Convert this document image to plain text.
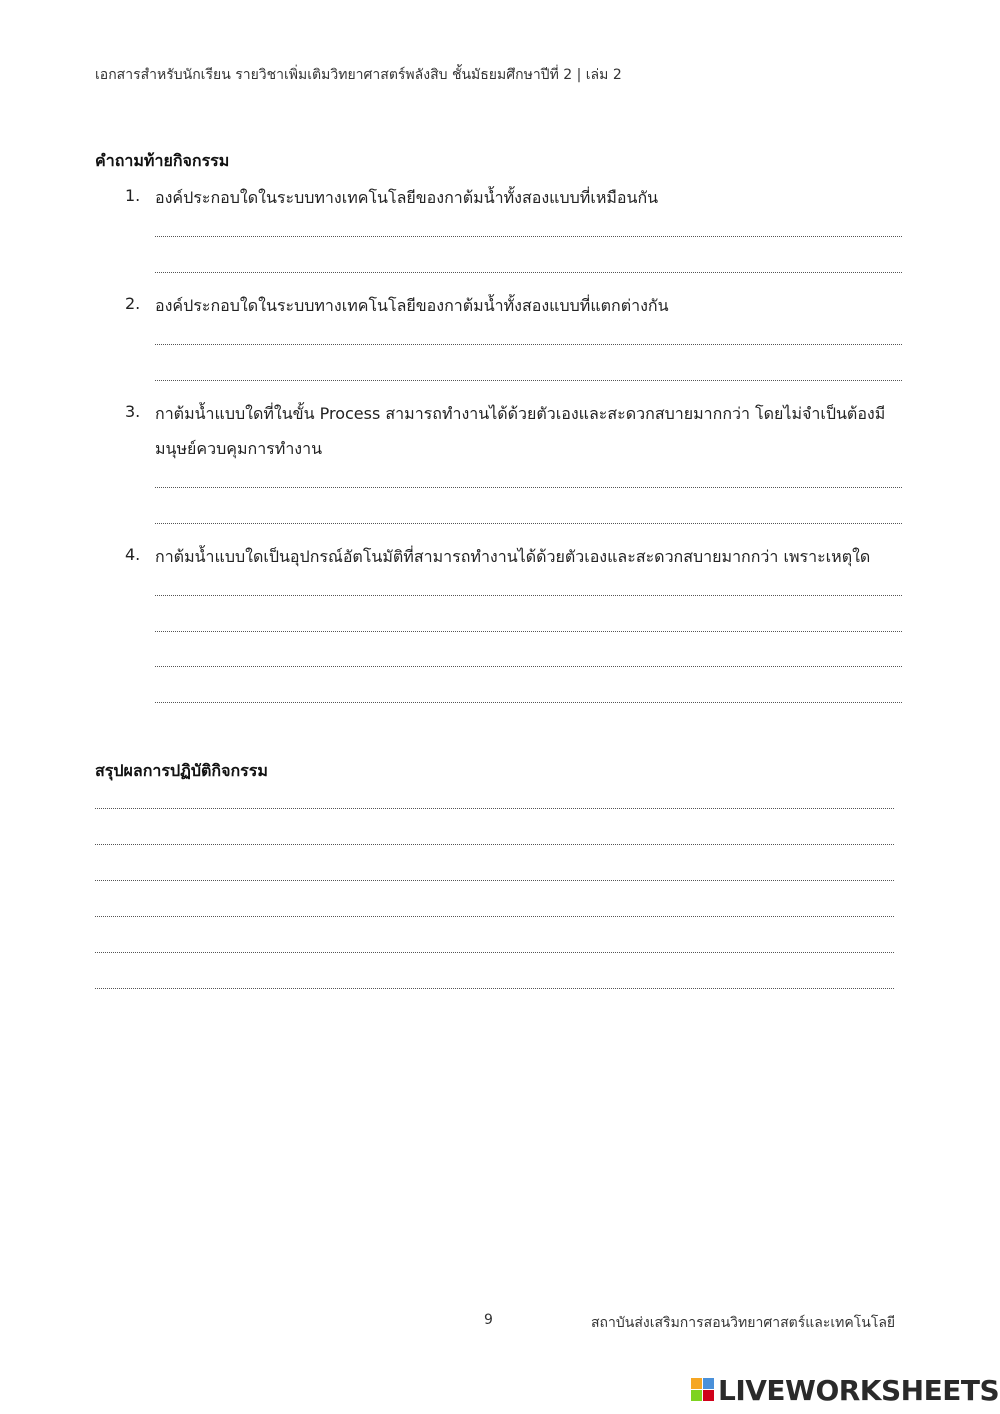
เอกสารสำหรับนักเรียน รายวิชาเพิ่มเติมวิทยาศาสตร์พลังสิบ ชั้นมัธยมศึกษาปีที่ 2 | เล่ม 2
คำถามท้ายกิจกรรม
1. องค์ประกอบใดในระบบทางเทคโนโลยีของกาต้มน้ำทั้งสองแบบที่เหมือนกัน
2. องค์ประกอบใดในระบบทางเทคโนโลยีของกาต้มน้ำทั้งสองแบบที่แตกต่างกัน
3. กาต้มน้ำแบบใดที่ในขั้น Process สามารถทำงานได้ด้วยตัวเองและสะดวกสบายมากกว่า โดยไม่จำเป็นต้องมี
มนุษย์ควบคุมการทำงาน
4. กาต้มน้ำแบบใดเป็นอุปกรณ์อัตโนมัติที่สามารถทำงานได้ด้วยตัวเองและสะดวกสบายมากกว่า เพราะเหตุใด
สรุปผลการปฏิบัติกิจกรรม
9	สถาบันส่งเสริมการสอนวิทยาศาสตร์และเทคโนโลยี
LIVEWORKSHEETS
